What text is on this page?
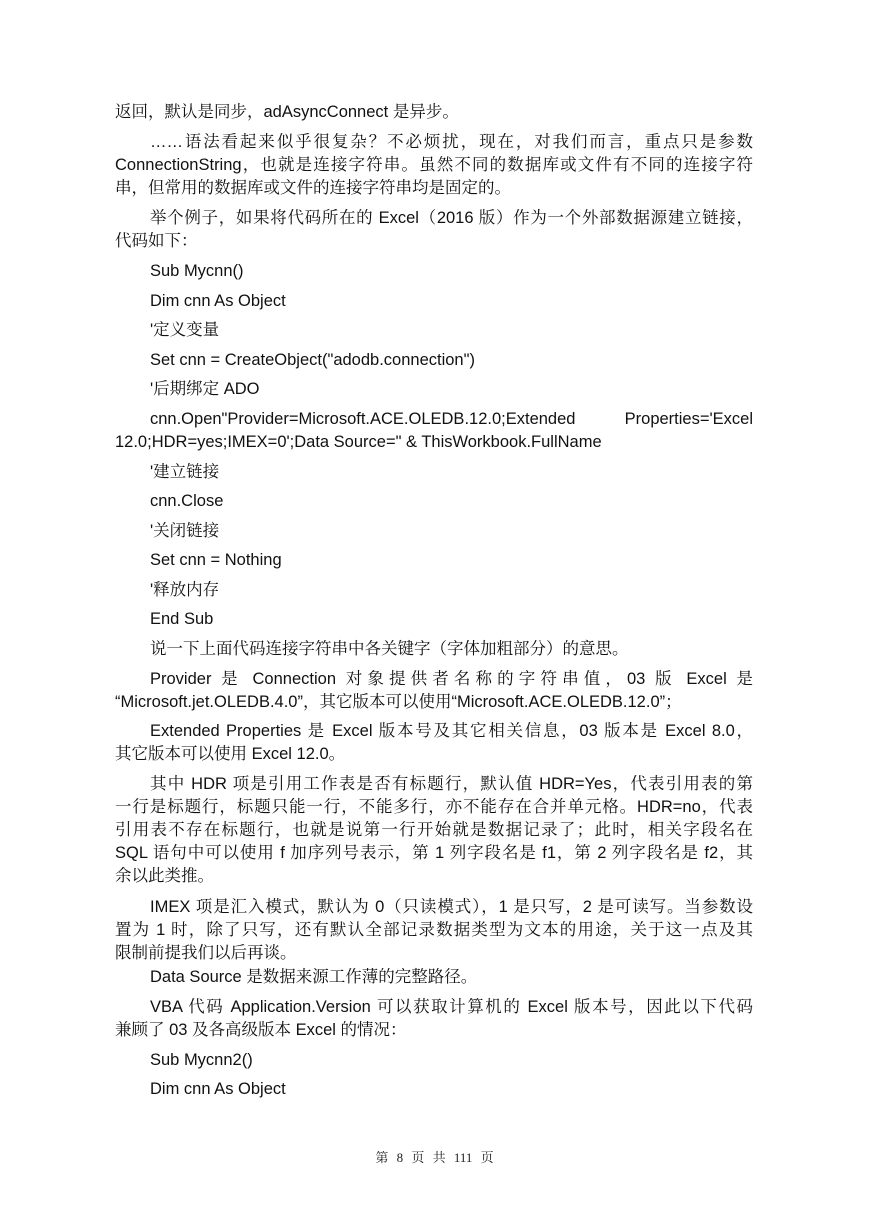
返回，默认是同步，adAsyncConnect 是异步。
……语法看起来似乎很复杂？不必烦扰，现在，对我们而言，重点只是参数
ConnectionString，也就是连接字符串。虽然不同的数据库或文件有不同的连接字符
串，但常用的数据库或文件的连接字符串均是固定的。
举个例子，如果将代码所在的 Excel（2016 版）作为一个外部数据源建立链接，
代码如下：
Sub Mycnn()
Dim cnn As Object
'定义变量
Set cnn = CreateObject("adodb.connection")
'后期绑定 ADO
cnn.Open"Provider=Microsoft.ACE.OLEDB.12.0;Extended Properties='Excel
12.0;HDR=yes;IMEX=0';Data Source=" & ThisWorkbook.FullName
'建立链接
cnn.Close
'关闭链接
Set cnn = Nothing
'释放内存
End Sub
说一下上面代码连接字符串中各关键字（字体加粗部分）的意思。
Provider 是 Connection 对象提供者名称的字符串值，03 版 Excel 是
“Microsoft.jet.OLEDB.4.0”，其它版本可以使用“Microsoft.ACE.OLEDB.12.0”；
Extended Properties 是 Excel 版本号及其它相关信息，03 版本是 Excel 8.0，
其它版本可以使用 Excel 12.0。
其中 HDR 项是引用工作表是否有标题行，默认值 HDR=Yes，代表引用表的第
一行是标题行，标题只能一行，不能多行，亦不能存在合并单元格。HDR=no，代表
引用表不存在标题行，也就是说第一行开始就是数据记录了；此时，相关字段名在
SQL 语句中可以使用 f 加序列号表示，第 1 列字段名是 f1，第 2 列字段名是 f2，其
余以此类推。
IMEX 项是汇入模式，默认为 0（只读模式），1 是只写，2 是可读写。当参数设
置为 1 时，除了只写，还有默认全部记录数据类型为文本的用途，关于这一点及其
限制前提我们以后再谈。
Data Source 是数据来源工作薄的完整路径。
VBA 代码 Application.Version 可以获取计算机的 Excel 版本号，因此以下代码
兼顾了 03 及各高级版本 Excel 的情况：
Sub Mycnn2()
Dim cnn As Object
第 8 页 共 111 页
